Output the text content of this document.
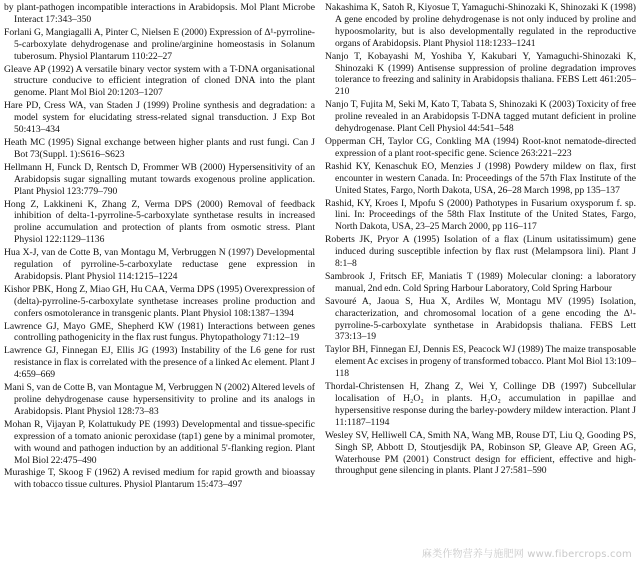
by plant-pathogen incompatible interactions in Arabidopsis. Mol Plant Microbe Interact 17:343–350

Forlani G, Mangiagalli A, Pinter C, Nielsen E (2000) Expression of Δ¹-pyrroline-5-carboxylate dehydrogenase and proline/arginine homeostasis in Solanum tuberosum. Physiol Plantarum 110:22–27

Gleave AP (1992) A versatile binary vector system with a T-DNA organisational structure conducive to efficient integration of cloned DNA into the plant genome. Plant Mol Biol 20:1203–1207

Hare PD, Cress WA, van Staden J (1999) Proline synthesis and degradation: a model system for elucidating stress-related signal transduction. J Exp Bot 50:413–434

Heath MC (1995) Signal exchange between higher plants and rust fungi. Can J Bot 73(Suppl. 1):S616–S623

Hellmann H, Funck D, Rentsch D, Frommer WB (2000) Hypersensitivity of an Arabidopsis sugar signalling mutant towards exogenous proline application. Plant Physiol 123:779–790

Hong Z, Lakkineni K, Zhang Z, Verma DPS (2000) Removal of feedback inhibition of delta-1-pyrroline-5-carboxylate synthetase results in increased proline accumulation and protection of plants from osmotic stress. Plant Physiol 122:1129–1136

Hua X-J, van de Cotte B, van Montagu M, Verbruggen N (1997) Developmental regulation of pyrroline-5-carboxylate reductase gene expression in Arabidopsis. Plant Physiol 114:1215–1224

Kishor PBK, Hong Z, Miao GH, Hu CAA, Verma DPS (1995) Overexpression of (delta)-pyrroline-5-carboxylate synthetase increases proline production and confers osmotolerance in transgenic plants. Plant Physiol 108:1387–1394

Lawrence GJ, Mayo GME, Shepherd KW (1981) Interactions between genes controlling pathogenicity in the flax rust fungus. Phytopathology 71:12–19

Lawrence GJ, Finnegan EJ, Ellis JG (1993) Instability of the L6 gene for rust resistance in flax is correlated with the presence of a linked Ac element. Plant J 4:659–669

Mani S, van de Cotte B, van Montague M, Verbruggen N (2002) Altered levels of proline dehydrogenase cause hypersensitivity to proline and its analogs in Arabidopsis. Plant Physiol 128:73–83

Mohan R, Vijayan P, Kolattukudy PE (1993) Developmental and tissue-specific expression of a tomato anionic peroxidase (tap1) gene by a minimal promoter, with wound and pathogen induction by an additional 5'-flanking region. Plant Mol Biol 22:475–490

Murashige T, Skoog F (1962) A revised medium for rapid growth and bioassay with tobacco tissue cultures. Physiol Plantarum 15:473–497

Nakashima K, Satoh R, Kiyosue T, Yamaguchi-Shinozaki K, Shinozaki K (1998) A gene encoded by proline dehydrogenase is not only induced by proline and hypoosmolarity, but is also developmentally regulated in the reproductive organs of Arabidopsis. Plant Physiol 118:1233–1241

Nanjo T, Kobayashi M, Yoshiba Y, Kakubari Y, Yamaguchi-Shinozaki K, Shinozaki K (1999) Antisense suppression of proline degradation improves tolerance to freezing and salinity in Arabidopsis thaliana. FEBS Lett 461:205–210

Nanjo T, Fujita M, Seki M, Kato T, Tabata S, Shinozaki K (2003) Toxicity of free proline revealed in an Arabidopsis T-DNA tagged mutant deficient in proline dehydrogenase. Plant Cell Physiol 44:541–548

Opperman CH, Taylor CG, Conkling MA (1994) Root-knot nematode-directed expression of a plant root-specific gene. Science 263:221–223

Rashid KY, Kenaschuk EO, Menzies J (1998) Powdery mildew on flax, first encounter in western Canada. In: Proceedings of the 57th Flax Institute of the United States, Fargo, North Dakota, USA, 26–28 March 1998, pp 135–137

Rashid, KY, Kroes I, Mpofu S (2000) Pathotypes in Fusarium oxysporum f. sp. lini. In: Proceedings of the 58th Flax Institute of the United States, Fargo, North Dakota, USA, 23–25 March 2000, pp 116–117

Roberts JK, Pryor A (1995) Isolation of a flax (Linum usitatissimum) gene induced during susceptible infection by flax rust (Melampsora lini). Plant J 8:1–8

Sambrook J, Fritsch EF, Maniatis T (1989) Molecular cloning: a laboratory manual, 2nd edn. Cold Spring Harbour Laboratory, Cold Spring Harbour

Savouré A, Jaoua S, Hua X, Ardiles W, Montagu MV (1995) Isolation, characterization, and chromosomal location of a gene encoding the Δ¹-pyrroline-5-carboxylate synthetase in Arabidopsis thaliana. FEBS Lett 373:13–19

Taylor BH, Finnegan EJ, Dennis ES, Peacock WJ (1989) The maize transposable element Ac excises in progeny of transformed tobacco. Plant Mol Biol 13:109–118

Thordal-Christensen H, Zhang Z, Wei Y, Collinge DB (1997) Subcellular localisation of H₂O₂ in plants. H₂O₂ accumulation in papillae and hypersensitive response during the barley-powdery mildew interaction. Plant J 11:1187–1194

Wesley SV, Helliwell CA, Smith NA, Wang MB, Rouse DT, Liu Q, Gooding PS, Singh SP, Abbott D, Stoutjesdijk PA, Robinson SP, Gleave AP, Green AG, Waterhouse PM (2001) Construct design for efficient, effective and high-throughput gene silencing in plants. Plant J 27:581–590

麻类作物营养与施肥网 www.fibercrops.com
